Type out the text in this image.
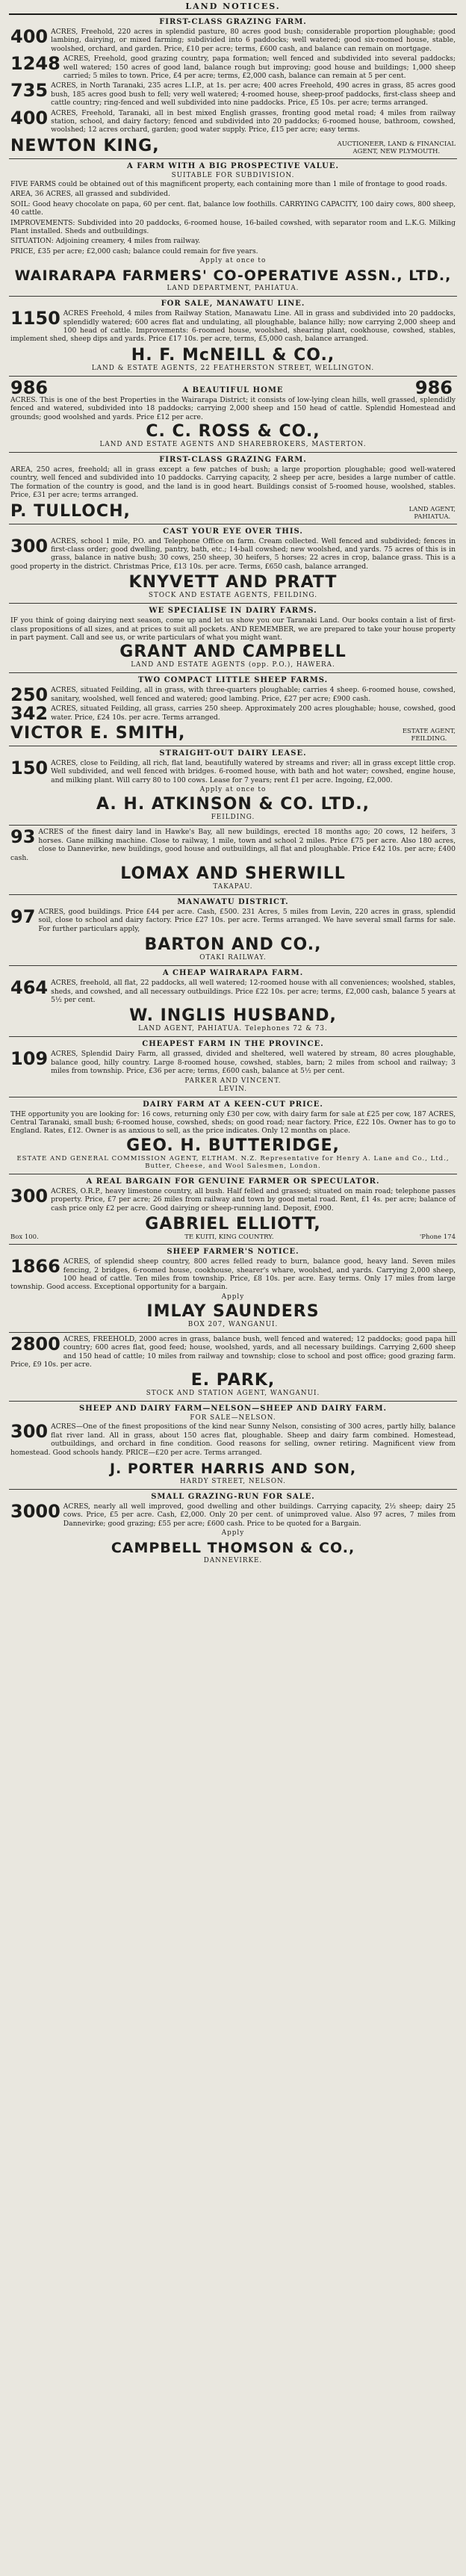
LAND NOTICES.
FIRST-CLASS GRAZING FARM.
400 ACRES, Freehold, 220 acres in splendid pasture, 80 acres good bush; considerable proportion ploughable; good lambing, dairying, or mixed farming; subdivided into 6 paddocks; well watered; good six-roomed house, stable, woolshed, orchard, and garden. Price, £10 per acre; terms, £600 cash, and balance can remain on mortgage.
1248 ACRES, Freehold, good grazing country, papa formation; well fenced and subdivided into several paddocks; well watered; 150 acres of good land, balance rough but improving; good house and buildings; 1,000 sheep carried; 5 miles to town. Price, £4 per acre; terms, £2,000 cash, balance can remain at 5 per cent.
735 ACRES, in North Taranaki, 235 acres L.I.P., at 1s. per acre; 400 acres Freehold, 490 acres in grass, 85 acres good bush, 185 acres good bush to fell; very well watered; 4-roomed house, sheep-proof paddocks, first-class sheep and cattle country; ring-fenced and well subdivided into nine paddocks. Price, £5 10s. per acre; terms arranged.
400 ACRES, Freehold, Taranaki, all in best mixed English grasses, fronting good metal road; 4 miles from railway station, school, and dairy factory; fenced and subdivided into 20 paddocks; 6-roomed house, bathroom, cowshed, woolshed; 12 acres orchard, garden; good water supply. Price, £15 per acre; easy terms.
NEWTON KING,	AUCTIONEER, LAND & FINANCIAL
AGENT, NEW PLYMOUTH.
A FARM WITH A BIG PROSPECTIVE VALUE.
SUITABLE FOR SUBDIVISION.
FIVE FARMS could be obtained out of this magnificent property, each containing more than 1 mile of frontage to good roads.
AREA, 36 ACRES, all grassed and subdivided.
SOIL: Good heavy chocolate on papa, 60 per cent. flat, balance low foothills. CARRYING CAPACITY, 100 dairy cows, 800 sheep, 40 cattle.
IMPROVEMENTS: Subdivided into 20 paddocks, 6-roomed house, 16-bailed cowshed, with separator room and L.K.G. Milking Plant installed. Sheds and outbuildings.
SITUATION: Adjoining creamery, 4 miles from railway.
PRICE, £35 per acre; £2,000 cash; balance could remain for five years.
Apply at once to
WAIRARAPA FARMERS' CO-OPERATIVE ASSN., LTD.,
LAND DEPARTMENT, PAHIATUA.
FOR SALE, MANAWATU LINE.
1150 ACRES Freehold, 4 miles from Railway Station, Manawatu Line. All in grass and subdivided into 20 paddocks, splendidly watered; 600 acres flat and undulating, all ploughable, balance hilly; now carrying 2,000 sheep and 100 head of cattle. Improvements: 6-roomed house, woolshed, shearing plant, cookhouse, cowshed, stables, implement shed, sheep dips and yards. Price £17 10s. per acre, terms, £5,000 cash, balance arranged.
H. F. McNEILL & CO.,
LAND & ESTATE AGENTS, 22 FEATHERSTON STREET, WELLINGTON.
986	A BEAUTIFUL HOME	986
ACRES. This is one of the best Properties in the Wairarapa District; it consists of low-lying clean hills, well grassed, splendidly fenced and watered, subdivided into 18 paddocks; carrying 2,000 sheep and 150 head of cattle. Splendid Homestead and grounds; good woolshed and yards. Price £12 per acre.
C. C. ROSS & CO.,
LAND AND ESTATE AGENTS AND SHAREBROKERS, MASTERTON.
FIRST-CLASS GRAZING FARM.
AREA, 250 acres, freehold; all in grass except a few patches of bush; a large proportion ploughable; good well-watered country, well fenced and subdivided into 10 paddocks. Carrying capacity, 2 sheep per acre, besides a large number of cattle. The formation of the country is good, and the land is in good heart. Buildings consist of 5-roomed house, woolshed, stables. Price, £31 per acre; terms arranged.
P. TULLOCH,	LAND AGENT,
PAHIATUA.
CAST YOUR EYE OVER THIS.
300 ACRES, school 1 mile, P.O. and Telephone Office on farm. Cream collected. Well fenced and subdivided; fences in first-class order; good dwelling, pantry, bath, etc.; 14-ball cowshed; new woolshed, and yards. 75 acres of this is in grass, balance in native bush; 30 cows, 250 sheep, 30 heifers, 5 horses; 22 acres in crop, balance grass. This is a good property in the district. Christmas Price, £13 10s. per acre. Terms, £650 cash, balance arranged.
KNYVETT AND PRATT
STOCK AND ESTATE AGENTS, FEILDING.
WE SPECIALISE IN DAIRY FARMS.
IF you think of going dairying next season, come up and let us show you our Taranaki Land. Our books contain a list of first-class propositions of all sizes, and at prices to suit all pockets. AND REMEMBER, we are prepared to take your house property in part payment. Call and see us, or write particulars of what you might want.
GRANT AND CAMPBELL
LAND AND ESTATE AGENTS (opp. P.O.), HAWERA.
TWO COMPACT LITTLE SHEEP FARMS.
250 ACRES, situated Feilding, all in grass, with three-quarters ploughable; carries 4 sheep. 6-roomed house, cowshed, sanitary, woolshed, well fenced and watered; good lambing. Price, £27 per acre; £900 cash.
342 ACRES, situated Feilding, all grass, carries 250 sheep. Approximately 200 acres ploughable; house, cowshed, good water. Price, £24 10s. per acre. Terms arranged.
VICTOR E. SMITH,	ESTATE AGENT,
FEILDING.
STRAIGHT-OUT DAIRY LEASE.
150 ACRES, close to Feilding, all rich, flat land, beautifully watered by streams and river; all in grass except little crop. Well subdivided, and well fenced with bridges. 6-roomed house, with bath and hot water; cowshed, engine house, and milking plant. Will carry 80 to 100 cows. Lease for 7 years; rent £1 per acre. Ingoing, £2,000.
Apply at once to
A. H. ATKINSON & CO. LTD.,
FEILDING.
93 ACRES of the finest dairy land in Hawke's Bay, all new buildings, erected 18 months ago; 20 cows, 12 heifers, 3 horses. Gane milking machine. Close to railway, 1 mile, town and school 2 miles. Price £75 per acre. Also 180 acres, close to Dannevirke, new buildings, good house and outbuildings, all flat and ploughable. Price £42 10s. per acre; £400 cash.
LOMAX AND SHERWILL
TAKAPAU.
MANAWATU DISTRICT.
97 ACRES, good buildings. Price £44 per acre. Cash, £500. 231 Acres, 5 miles from Levin, 220 acres in grass, splendid soil, close to school and dairy factory. Price £27 10s. per acre. Terms arranged. We have several small farms for sale. For further particulars apply,
BARTON AND CO.,
OTAKI RAILWAY.
A CHEAP WAIRARAPA FARM.
464 ACRES, freehold, all flat, 22 paddocks, all well watered; 12-roomed house with all conveniences; woolshed, stables, sheds, and cowshed, and all necessary outbuildings. Price £22 10s. per acre; terms, £2,000 cash, balance 5 years at 5½ per cent.
W. INGLIS HUSBAND,
LAND AGENT, PAHIATUA. Telephones 72 & 73.
CHEAPEST FARM IN THE PROVINCE.
109 ACRES, Splendid Dairy Farm, all grassed, divided and sheltered, well watered by stream, 80 acres ploughable, balance good, hilly country. Large 8-roomed house, cowshed, stables, barn; 2 miles from school and railway; 3 miles from township. Price, £36 per acre; terms, £600 cash, balance at 5½ per cent.
PARKER AND VINCENT.
LEVIN.
DAIRY FARM AT A KEEN-CUT PRICE.
THE opportunity you are looking for: 16 cows, returning only £30 per cow, with dairy farm for sale at £25 per cow, 187 ACRES, Central Taranaki, small bush; 6-roomed house, cowshed, sheds; on good road; near factory. Price, £22 10s. Owner has to go to England. Rates, £12. Owner is as anxious to sell, as the price indicates. Only 12 months on place.
GEO. H. BUTTERIDGE,
ESTATE AND GENERAL COMMISSION AGENT, ELTHAM. N.Z. Representative for Henry A. Lane and Co., Ltd., Butter, Cheese, and Wool Salesmen, London.
A REAL BARGAIN FOR GENUINE FARMER OR SPECULATOR.
300 ACRES, O.R.P., heavy limestone country, all bush. Half felled and grassed; situated on main road; telephone passes property. Price, £7 per acre; 26 miles from railway and town by good metal road. Rent, £1 4s. per acre; balance of cash price only £2 per acre. Good dairying or sheep-running land. Deposit, £900.
GABRIEL ELLIOTT,
Box 100.	TE KUITI, KING COUNTRY.	'Phone 174
SHEEP FARMER'S NOTICE.
1866 ACRES, of splendid sheep country, 800 acres felled ready to burn, balance good, heavy land. Seven miles fencing, 2 bridges, 6-roomed house, cookhouse, shearer's whare, woolshed, and yards. Carrying 2,000 sheep, 100 head of cattle. Ten miles from township. Price, £8 10s. per acre. Easy terms. Only 17 miles from large township. Good access. Exceptional opportunity for a bargain.
Apply
IMLAY SAUNDERS
BOX 207, WANGANUI.
2800 ACRES, FREEHOLD, 2000 acres in grass, balance bush, well fenced and watered; 12 paddocks; good papa hill country; 600 acres flat, good feed; house, woolshed, yards, and all necessary buildings. Carrying 2,600 sheep and 150 head of cattle; 10 miles from railway and township; close to school and post office; good grazing farm. Price, £9 10s. per acre.
E. PARK,
STOCK AND STATION AGENT, WANGANUI.
SHEEP AND DAIRY FARM—NELSON—SHEEP AND DAIRY FARM.
FOR SALE—NELSON.
300 ACRES—One of the finest propositions of the kind near Sunny Nelson, consisting of 300 acres, partly hilly, balance flat river land. All in grass, about 150 acres flat, ploughable. Sheep and dairy farm combined. Homestead, outbuildings, and orchard in fine condition. Good reasons for selling, owner retiring. Magnificent view from homestead. Good schools handy. PRICE—£20 per acre. Terms arranged.
J. PORTER HARRIS AND SON,
HARDY STREET, NELSON.
SMALL GRAZING-RUN FOR SALE.
3000 ACRES, nearly all well improved, good dwelling and other buildings. Carrying capacity, 2½ sheep; dairy 25 cows. Price, £5 per acre. Cash, £2,000. Only 20 per cent. of unimproved value. Also 97 acres, 7 miles from Dannevirke; good grazing; £55 per acre; £600 cash. Price to be quoted for a Bargain.
Apply
CAMPBELL THOMSON & CO.,
DANNEVIRKE.
